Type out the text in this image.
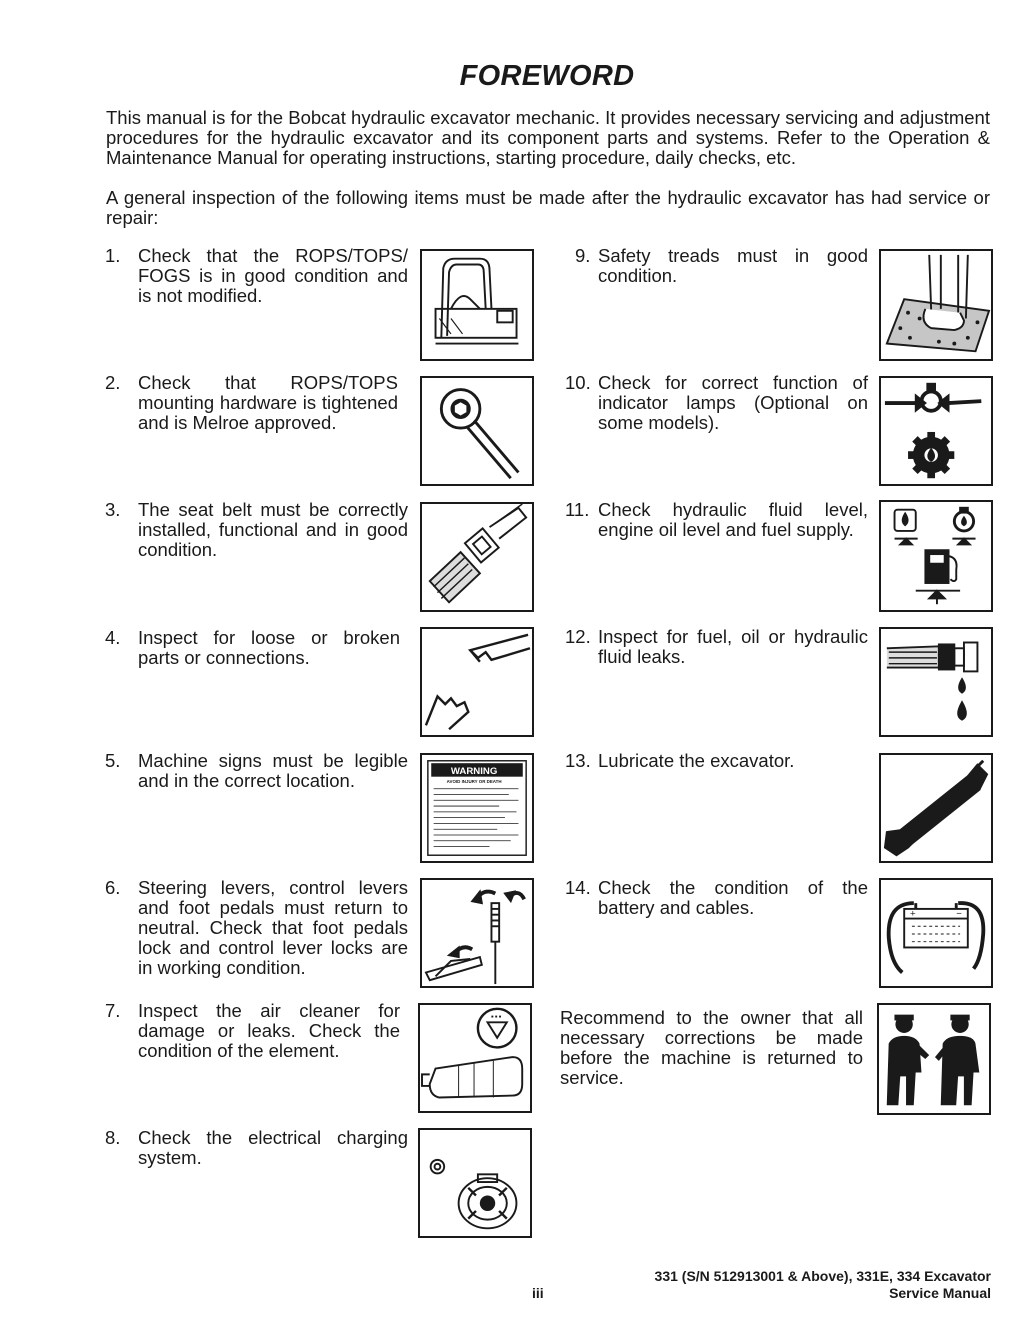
FOREWORD

This manual is for the Bobcat hydraulic excavator mechanic. It provides necessary servicing and adjustment procedures for the hydraulic excavator and its component parts and systems. Refer to the Operation & Maintenance Manual for operating instructions, starting procedure, daily checks, etc.

A general inspection of the following items must be made after the hydraulic excavator has had service or repair:

1. Check that the ROPS/TOPS/ FOGS is in good condition and is not modified.
2. Check that ROPS/TOPS mounting hardware is tightened and is Melroe approved.
3. The seat belt must be correctly installed, functional and in good condition.
4. Inspect for loose or broken parts or connections.
5. Machine signs must be legible and in the correct location.
6. Steering levers, control levers and foot pedals must return to neutral. Check that foot pedals lock and control lever locks are in working condition.
7. Inspect the air cleaner for damage or leaks. Check the condition of the element.
8. Check the electrical charging system.
9. Safety treads must in good condition.
10. Check for correct function of indicator lamps (Optional on some models).
11. Check hydraulic fluid level, engine oil level and fuel supply.
12. Inspect for fuel, oil or hydraulic fluid leaks.
13. Lubricate the excavator.
14. Check the condition of the battery and cables.
Recommend to the owner that all necessary corrections be made before the machine is returned to service.
WARNING
AVOID INJURY OR DEATH
+	−
331 (S/N 512913001 & Above), 331E, 334 Excavator
Service Manual
iii
